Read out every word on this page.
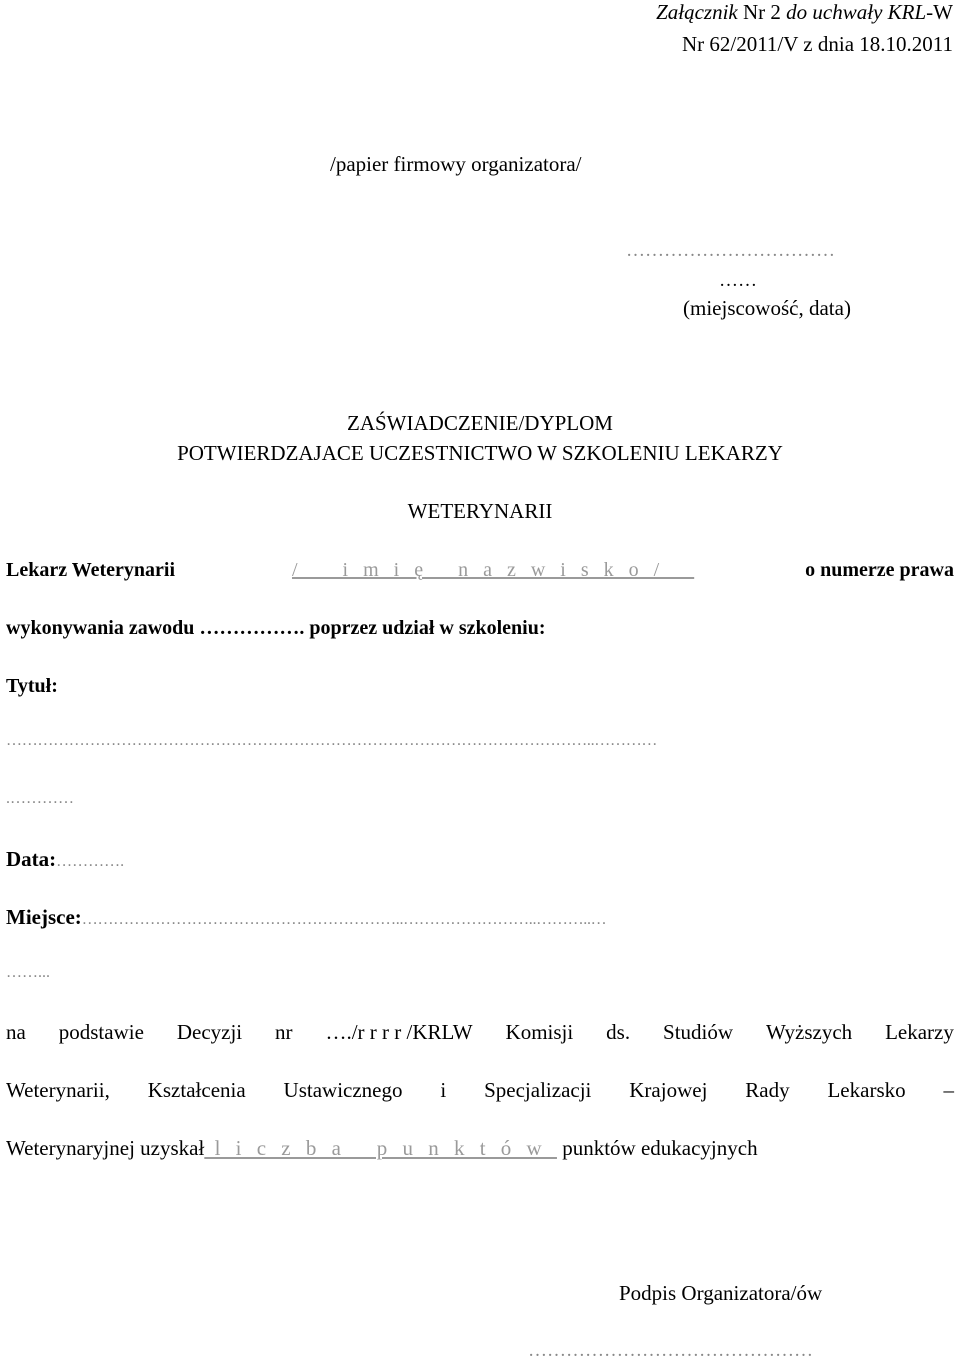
Załącznik Nr 2 do uchwały KRL-W
Nr 62/2011/V z dnia 18.10.2011
/papier firmowy organizatora/
……………………………
……
(miejscowość, data)
ZAŚWIADCZENIE/DYPLOM
POTWIERDZAJACE UCZESTNICTWO W SZKOLENIU LEKARZY
WETERYNARII
Lekarz Weterynarii	/    i m i ę   n a z w i s k o /	o numerze prawa
wykonywania zawodu ……………. poprzez udział w szkoleniu:
Tytuł:
…………………………………………………………………………………………………..…………
.…………
Data:………….
Miejsce:……………………………………………………..……………………..………..…
……...
na podstawie Decyzji nr …./r r r r /KRLW Komisji ds. Studiów Wyższych Lekarzy
Weterynarii, Kształcenia Ustawicznego i Specjalizacji Krajowej Rady Lekarsko –
Weterynaryjnej uzyskał l i c z b a   p u n k t ó w  punktów edukacyjnych
Podpis Organizatora/ów
………………………………………
